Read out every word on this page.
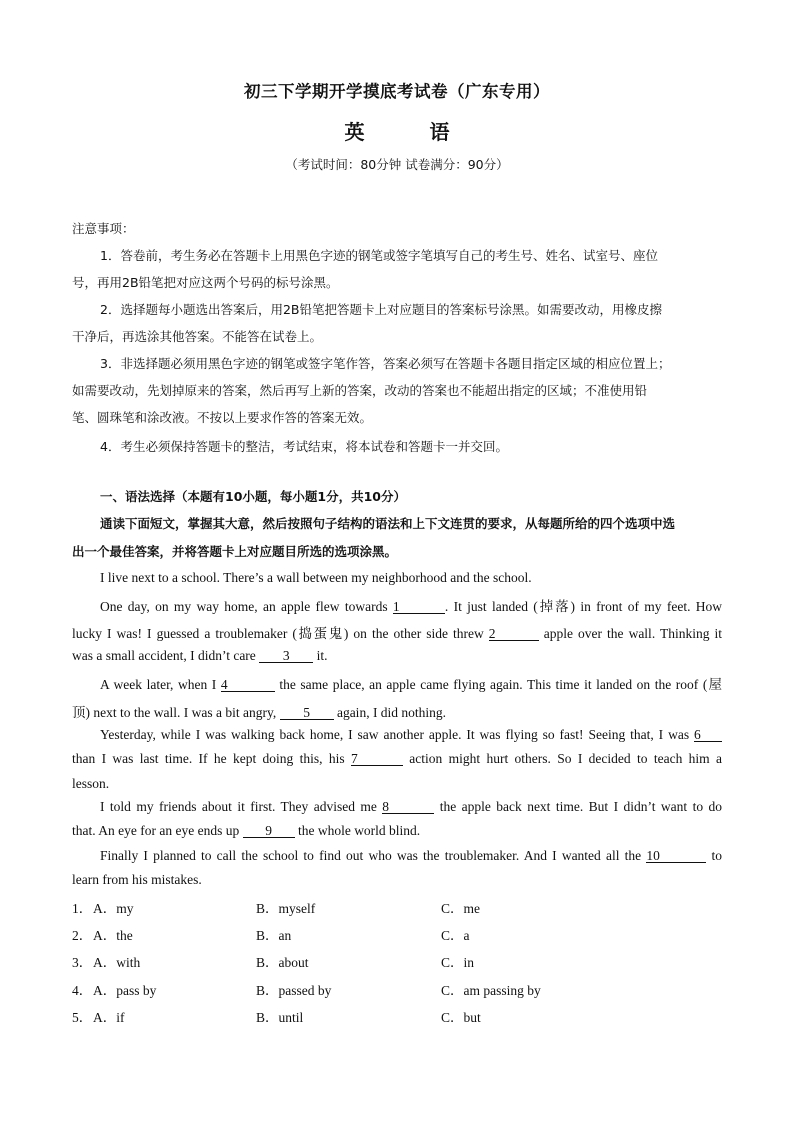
初三下学期开学摸底考试卷（广东专用）
英 语
（考试时间：80分钟 试卷满分：90分）
注意事项：
1．答卷前，考生务必在答题卡上用黑色字迹的钢笔或签字笔填写自己的考生号、姓名、试室号、座位
号，再用2B铅笔把对应这两个号码的标号涂黑。
2．选择题每小题选出答案后，用2B铅笔把答题卡上对应题目的答案标号涂黑。如需要改动，用橡皮擦
干净后，再选涂其他答案。不能答在试卷上。
3．非选择题必须用黑色字迹的钢笔或签字笔作答，答案必须写在答题卡各题目指定区域的相应位置上；
如需要改动，先划掉原来的答案，然后再写上新的答案，改动的答案也不能超出指定的区域；不准使用铅
笔、圆珠笔和涂改液。不按以上要求作答的答案无效。
4．考生必须保持答题卡的整洁，考试结束，将本试卷和答题卡一并交回。
一、语法选择（本题有10小题，每小题1分，共10分）
通读下面短文，掌握其大意，然后按照句子结构的语法和上下文连贯的要求，从每题所给的四个选项中选
出一个最佳答案，并将答题卡上对应题目所选的选项涂黑。
I live next to a school. There’s a wall between my neighborhood and the school.
One day, on my way home, an apple flew towards 1	. It just landed (掉落) in front of my feet. How
lucky I was! I guessed a troublemaker (捣蛋鬼) on the other side threw 2	apple over the wall. Thinking it
was a small accident, I didn’t care 3 it.
A week later, when I 4	the same place, an apple came flying again. This time it landed on the roof (屋
顶) next to the wall. I was a bit angry, 5 again, I did nothing.
Yesterday, while I was walking back home, I saw another apple. It was flying so fast! Seeing that, I was 6
than I was last time. If he kept doing this, his 7	action might hurt others. So I decided to teach him a
lesson.
I told my friends about it first. They advised me 8	the apple back next time. But I didn’t want to do
that. An eye for an eye ends up 9 the whole world blind.
Finally I planned to call the school to find out who was the troublemaker. And I wanted all the 10	to
learn from his mistakes.
1． A．my	B．myself	C．me
2． A．the	B．an	C．a
3． A．with	B．about	C．in
4． A．pass by	B．passed by	C．am passing by
5． A．if	B．until	C．but
